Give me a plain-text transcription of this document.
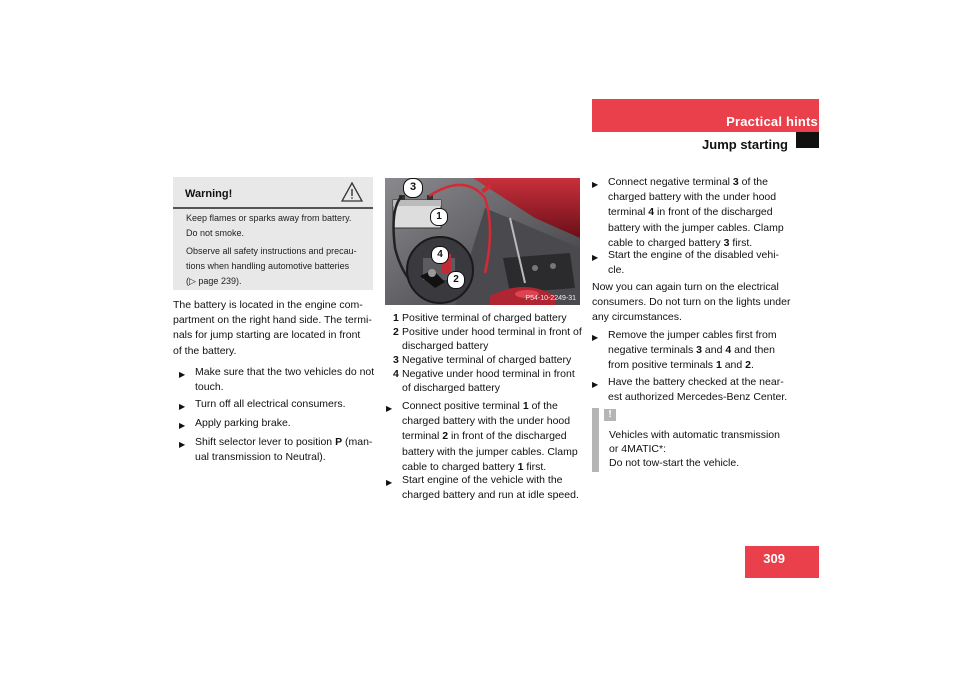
Practical hints
Jump starting
Warning!
Keep flames or sparks away from battery.
Do not smoke.
Observe all safety instructions and precau-
tions when handling automotive batteries
(▷ page 239).
The battery is located in the engine com-
partment on the right hand side. The termi-
nals for jump starting are located in front
of the battery.
▶ Make sure that the two vehicles do not
touch.
▶ Turn off all electrical consumers.
▶ Apply parking brake.
▶ Shift selector lever to position P (man-
ual transmission to Neutral).
3
1
4
2
P54-10-2249-31
1 Positive terminal of charged battery
2 Positive under hood terminal in front of
discharged battery
3 Negative terminal of charged battery
4 Negative under hood terminal in front
of discharged battery
▶ Connect positive terminal 1 of the
charged battery with the under hood
terminal 2 in front of the discharged
battery with the jumper cables. Clamp
cable to charged battery 1 first.
▶ Start engine of the vehicle with the
charged battery and run at idle speed.
▶ Connect negative terminal 3 of the
charged battery with the under hood
terminal 4 in front of the discharged
battery with the jumper cables. Clamp
cable to charged battery 3 first.
▶ Start the engine of the disabled vehi-
cle.
Now you can again turn on the electrical
consumers. Do not turn on the lights under
any circumstances.
▶ Remove the jumper cables first from
negative terminals 3 and 4 and then
from positive terminals 1 and 2.
▶ Have the battery checked at the near-
est authorized Mercedes-Benz Center.
!
Vehicles with automatic transmission
or 4MATIC*:
Do not tow-start the vehicle.
309
